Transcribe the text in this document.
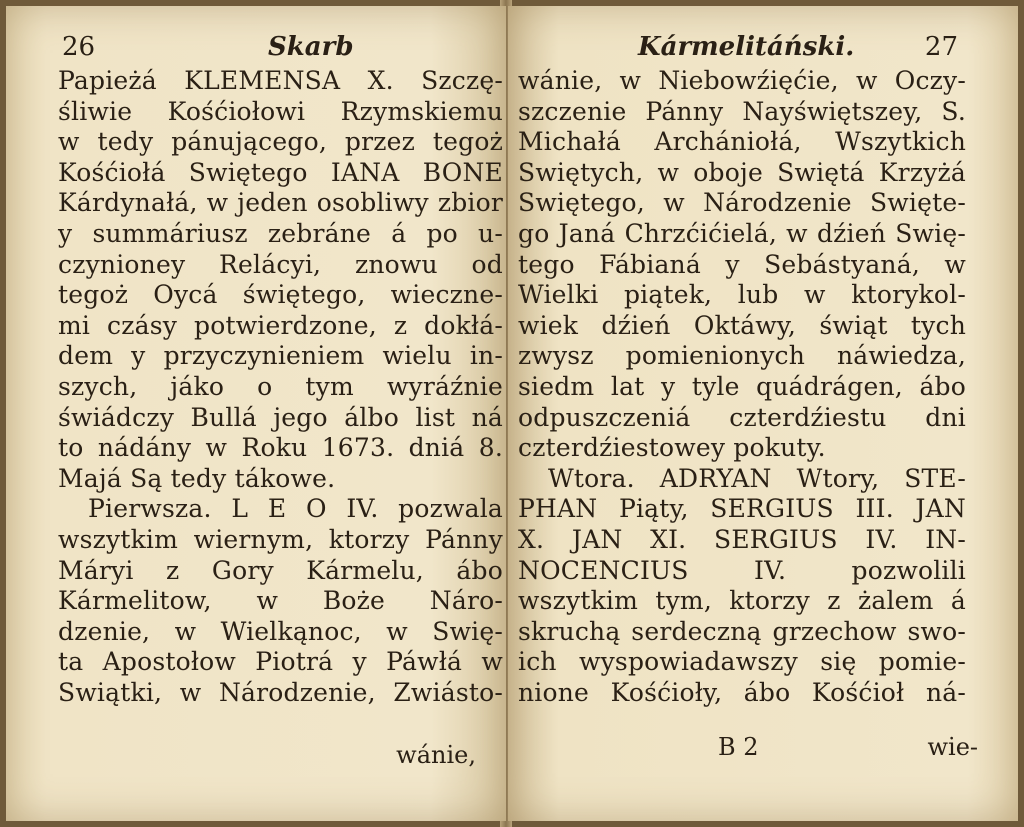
26	Skarb
Papieżá KLEMENSA X. Szczę-
śliwie Kośćiołowi Rzymskiemu
w tedy pánującego, przez tegoż
Kośćiołá Swiętego IANA BONE
Kárdynałá, w jeden osobliwy zbior
y summáriusz zebráne á po u-
czynioney Relácyi, znowu od
tegoż Oycá świętego, wieczne-
mi czásy potwierdzone, z dokłá-
dem y przyczynieniem wielu in-
szych, jáko o tym wyráźnie
świádczy Bullá jego álbo list ná
to nádány w Roku 1673. dniá 8.
Majá Są tedy tákowe.
Pierwsza. L E O IV. pozwala
wszytkim wiernym, ktorzy Pánny
Máryi z Gory Kármelu, ábo
Kármelitow, w Boże Náro-
dzenie, w Wielkąnoc, w Swię-
ta Apostołow Piotrá y Páwłá w
Swiątki, w Národzenie, Zwiásto-
wánie,
Kármelitáński.	27
wánie, w Niebowźięćie, w Oczy-
szczenie Pánny Nayświętszey, S.
Michałá Archániołá, Wszytkich
Swiętych, w oboje Swiętá Krzyżá
Swiętego, w Národzenie Swięte-
go Janá Chrzćićielá, w dźień Swię-
tego Fábianá y Sebástyaná, w
Wielki piątek, lub w ktorykol-
wiek dźień Oktáwy, świąt tych
zwysz pomienionych náwiedza,
siedm lat y tyle quádrágen, ábo
odpuszczeniá czterdźiestu dni
czterdźiestowey pokuty.
Wtora. ADRYAN Wtory, STE-
PHAN Piąty, SERGIUS III. JAN
X. JAN XI. SERGIUS IV. IN-
NOCENCIUS IV. pozwolili
wszytkim tym, ktorzy z żalem á
skruchą serdeczną grzechow swo-
ich wyspowiadawszy się pomie-
nione Kośćioły, ábo Kośćioł ná-
B 2	wie-
